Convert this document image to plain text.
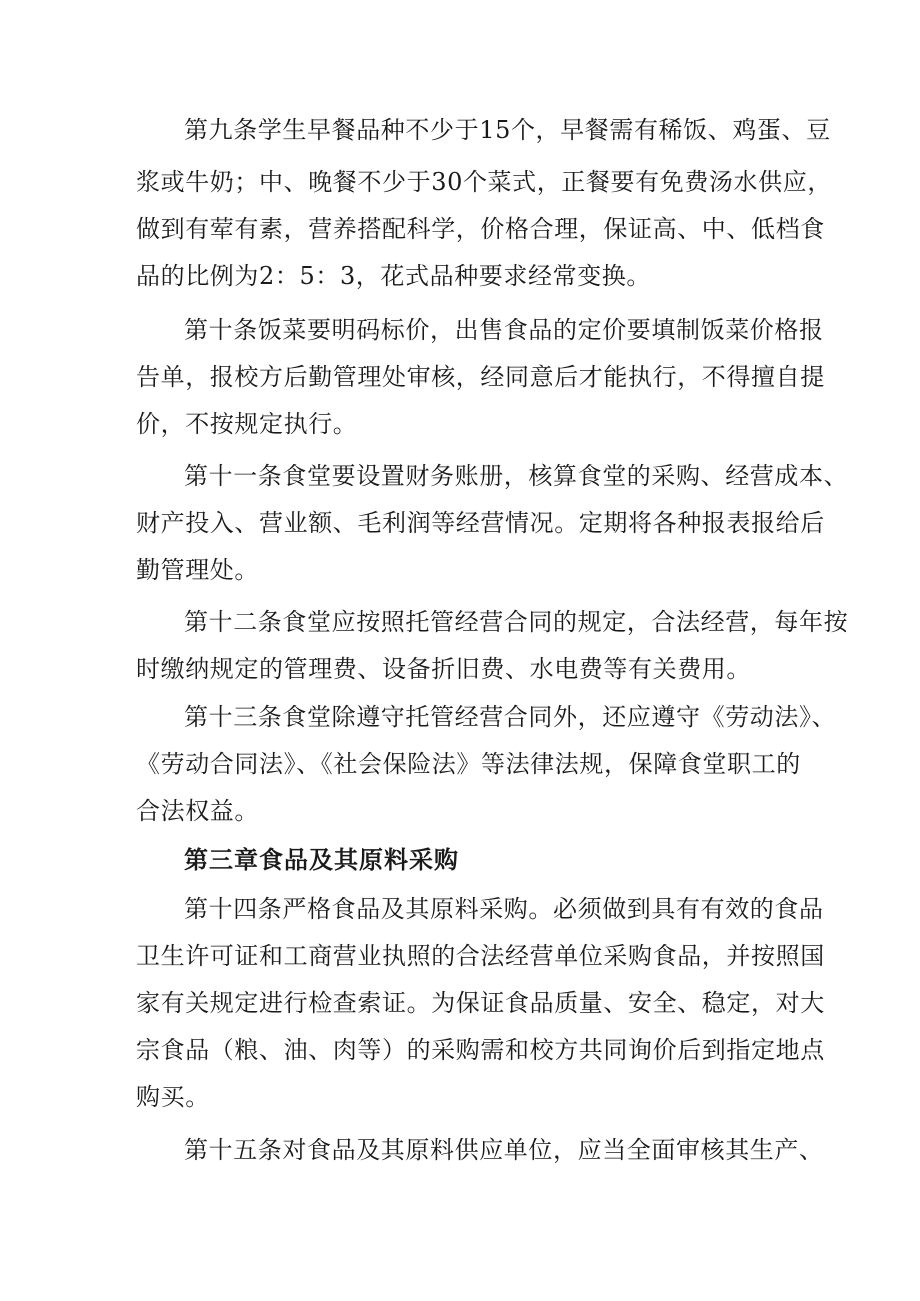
第九条学生早餐品种不少于15个，早餐需有稀饭、鸡蛋、豆
浆或牛奶；中、晚餐不少于30个菜式，正餐要有免费汤水供应，
做到有荤有素，营养搭配科学，价格合理，保证高、中、低档食
品的比例为2：5：3，花式品种要求经常变换。
第十条饭菜要明码标价，出售食品的定价要填制饭菜价格报
告单，报校方后勤管理处审核，经同意后才能执行，不得擅自提
价，不按规定执行。
第十一条食堂要设置财务账册，核算食堂的采购、经营成本、
财产投入、营业额、毛利润等经营情况。定期将各种报表报给后
勤管理处。
第十二条食堂应按照托管经营合同的规定，合法经营，每年按
时缴纳规定的管理费、设备折旧费、水电费等有关费用。
第十三条食堂除遵守托管经营合同外，还应遵守《劳动法》、
《劳动合同法》、《社会保险法》等法律法规，保障食堂职工的
合法权益。
第三章食品及其原料采购
第十四条严格食品及其原料采购。必须做到具有有效的食品
卫生许可证和工商营业执照的合法经营单位采购食品，并按照国
家有关规定进行检查索证。为保证食品质量、安全、稳定，对大
宗食品（粮、油、肉等）的采购需和校方共同询价后到指定地点
购买。
第十五条对食品及其原料供应单位，应当全面审核其生产、
